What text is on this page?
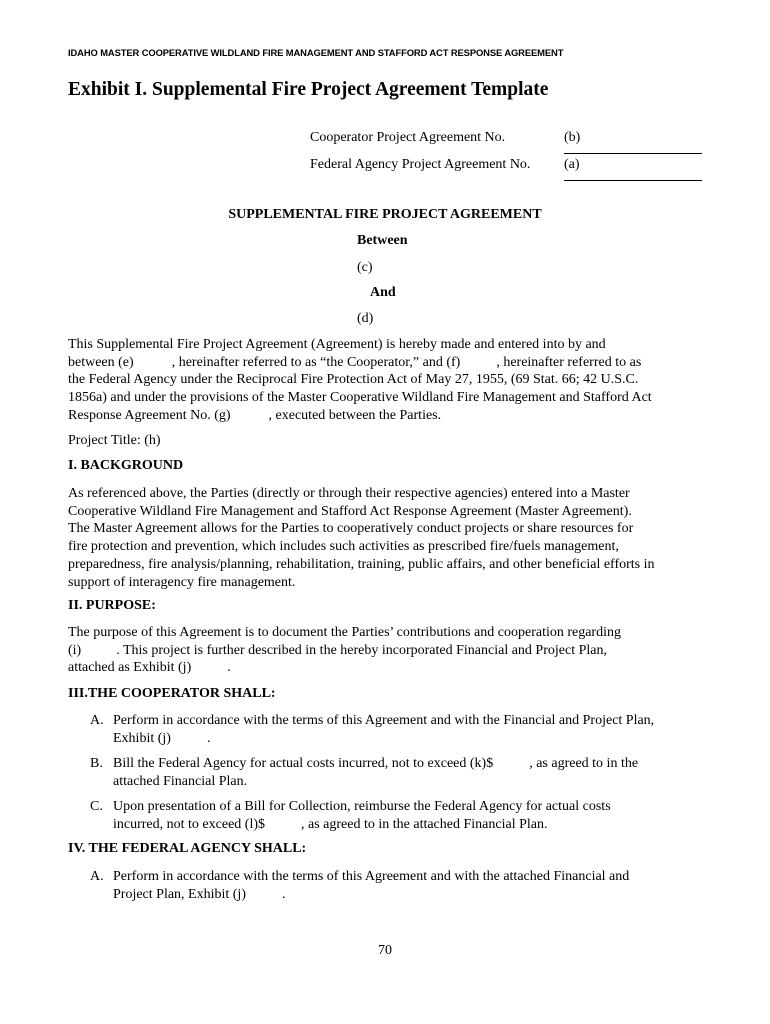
IDAHO MASTER COOPERATIVE WILDLAND FIRE MANAGEMENT AND STAFFORD ACT RESPONSE AGREEMENT
Exhibit I. Supplemental Fire Project Agreement Template
Cooperator Project Agreement No.	(b)
Federal Agency Project Agreement No. (a)
SUPPLEMENTAL FIRE PROJECT AGREEMENT
Between
(c)
And
(d)
This Supplemental Fire Project Agreement (Agreement) is hereby made and entered into by and
between (e)	, hereinafter referred to as “the Cooperator,” and (f)	, hereinafter referred to as
the Federal Agency under the Reciprocal Fire Protection Act of May 27, 1955, (69 Stat. 66; 42 U.S.C.
1856a) and under the provisions of the Master Cooperative Wildland Fire Management and Stafford Act
Response Agreement No. (g)	, executed between the Parties.
Project Title: (h)
I. BACKGROUND
As referenced above, the Parties (directly or through their respective agencies) entered into a Master
Cooperative Wildland Fire Management and Stafford Act Response Agreement (Master Agreement).
The Master Agreement allows for the Parties to cooperatively conduct projects or share resources for
fire protection and prevention, which includes such activities as prescribed fire/fuels management,
preparedness, fire analysis/planning, rehabilitation, training, public affairs, and other beneficial efforts in
support of interagency fire management.
II. PURPOSE:
The purpose of this Agreement is to document the Parties’ contributions and cooperation regarding
(i)	. This project is further described in the hereby incorporated Financial and Project Plan,
attached as Exhibit (j)	.
III.THE COOPERATOR SHALL:
A. Perform in accordance with the terms of this Agreement and with the Financial and Project Plan,
Exhibit (j)	.
B. Bill the Federal Agency for actual costs incurred, not to exceed (k)$	, as agreed to in the
attached Financial Plan.
C. Upon presentation of a Bill for Collection, reimburse the Federal Agency for actual costs
incurred, not to exceed (l)$	, as agreed to in the attached Financial Plan.
IV. THE FEDERAL AGENCY SHALL:
A. Perform in accordance with the terms of this Agreement and with the attached Financial and
Project Plan, Exhibit (j)	.
70
